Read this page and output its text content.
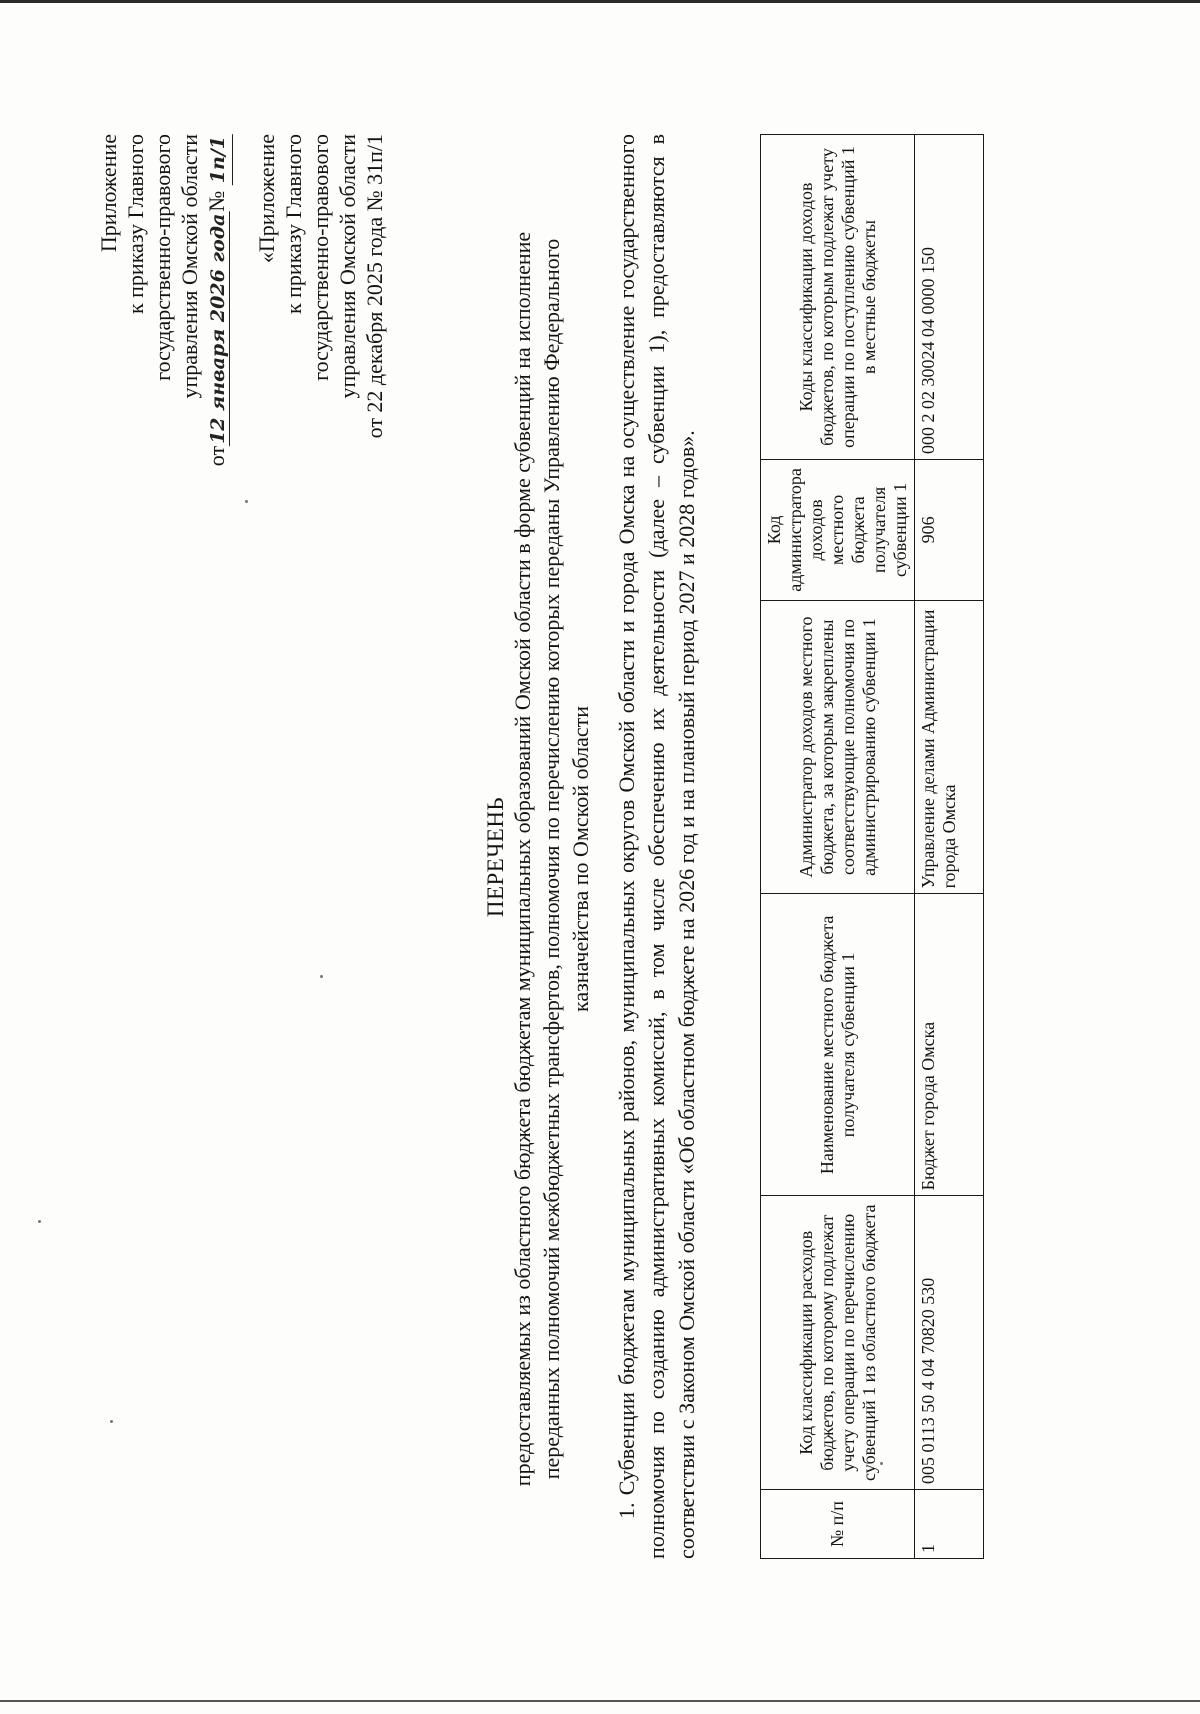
Приложение к приказу Главного государственно-правового управления Омской области
от12 января 2026 года№ 1п/1 «Приложение к приказу Главного государственно-правового управления Омской области от 22 декабря 2025 года № 31п/1
ПЕРЕЧЕНЬ предоставляемых из областного бюджета бюджетам муниципальных образований Омской области в форме субвенций на исполнение переданных полномочий межбюджетных трансфертов, полномочия по перечислению которых переданы Управлению Федерального казначейства по Омской области 1. Субвенции бюджетам муниципальных районов, муниципальных округов Омской области и города Омска на осуществление государственного полномочия по созданию административных комиссий, в том числе обеспечению их деятельности (далее – субвенции 1), предоставляются в соответствии с Законом Омской области «Об областном бюджете на 2026 год и на плановый период 2027 и 2028 годов».	№ п/п	Код классификации расходов бюджетов, по которому подлежат учету операции по перечислению субвенций 1 из областного бюджета	Наименование местного бюджета получателя субвенции 1	Администратор доходов местного бюджета, за которым закреплены соответствующие полномочия по администрированию субвенции 1	Код администратора доходов местного бюджета получателя субвенции 1	Коды классификации доходов бюджетов, по которым подлежат учету операции по поступлению субвенций 1 в местные бюджеты
1	005 0113 50 4 04 70820 530	Бюджет города Омска	Управление делами Администрации города Омска	906	000 2 02 30024 04 0000 150
